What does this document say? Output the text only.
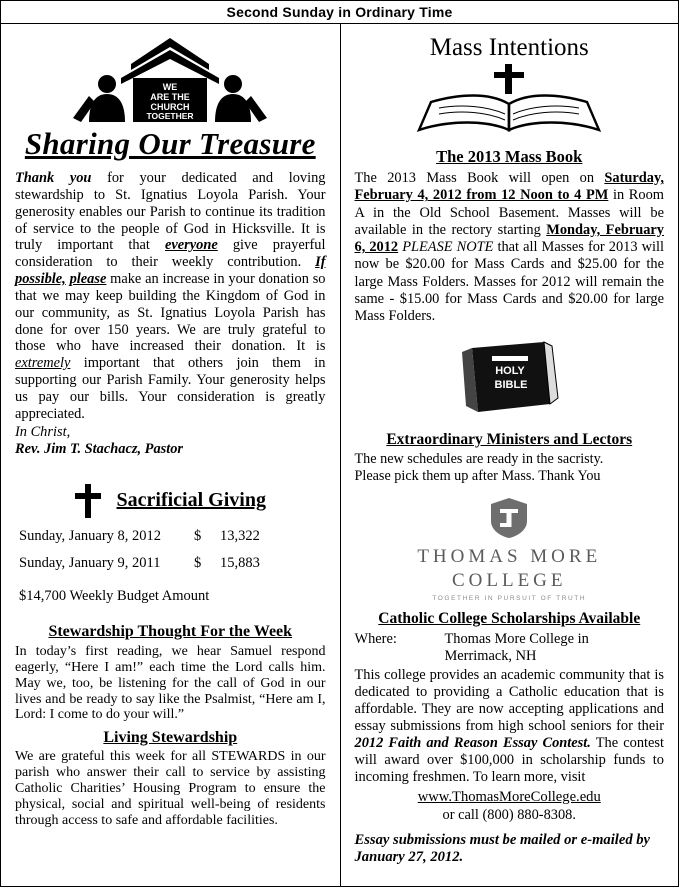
Second Sunday in Ordinary Time
WE
ARE THE
CHURCH
TOGETHER
Sharing Our Treasure
Thank you for your dedicated and loving stewardship to St. Ignatius Loyola Parish. Your generosity enables our Parish to continue its tradition of service to the people of God in Hicksville. It is truly important that everyone give prayerful consideration to their weekly contribution. If possible, please make an increase in your donation so that we may keep building the Kingdom of God in our community, as St. Ignatius Loyola Parish has done for over 150 years. We are truly grateful to those who have increased their donation. It is extremely important that others join them in supporting our Parish Family. Your generosity helps us pay our bills. Your consideration is greatly appreciated.
In Christ,
Rev. Jim T. Stachacz, Pastor
Sacrificial Giving
Sunday, January 8, 2012	$	13,322
Sunday, January 9, 2011	$	15,883
$14,700 Weekly Budget Amount
Stewardship Thought For the Week
In today’s first reading, we hear Samuel respond eagerly, “Here I am!” each time the Lord calls him. May we, too, be listening for the call of God in our lives and be ready to say like the Psalmist, “Here am I, Lord: I come to do your will.”
Living Stewardship
We are grateful this week for all STEWARDS in our parish who answer their call to service by assisting Catholic Charities’ Housing Program to ensure the physical, social and spiritual well-being of residents through access to safe and affordable facilities.
Mass Intentions
The 2013 Mass Book
The 2013 Mass Book will open on Saturday, February 4, 2012 from 12 Noon to 4 PM in Room A in the Old School Basement. Masses will be available in the rectory starting Monday, February 6, 2012 PLEASE NOTE that all Masses for 2013 will now be $20.00 for Mass Cards and $25.00 for the large Mass Folders. Masses for 2012 will remain the same - $15.00 for Mass Cards and $20.00 for large Mass Folders.
HOLY
BIBLE
Extraordinary Ministers and Lectors
The new schedules are ready in the sacristy.
Please pick them up after Mass. Thank You
THOMAS MORE
COLLEGE
TOGETHER IN PURSUIT OF TRUTH
Catholic College Scholarships Available
Where:	Thomas More College in
Merrimack, NH
This college provides an academic community that is dedicated to providing a Catholic education that is affordable. They are now accepting applications and essay submissions from high school seniors for their 2012 Faith and Reason Essay Contest. The contest will award over $100,000 in scholarship funds to incoming freshmen. To learn more, visit
www.ThomasMoreCollege.edu
or call (800) 880-8308.
Essay submissions must be mailed or e-mailed by January 27, 2012.
